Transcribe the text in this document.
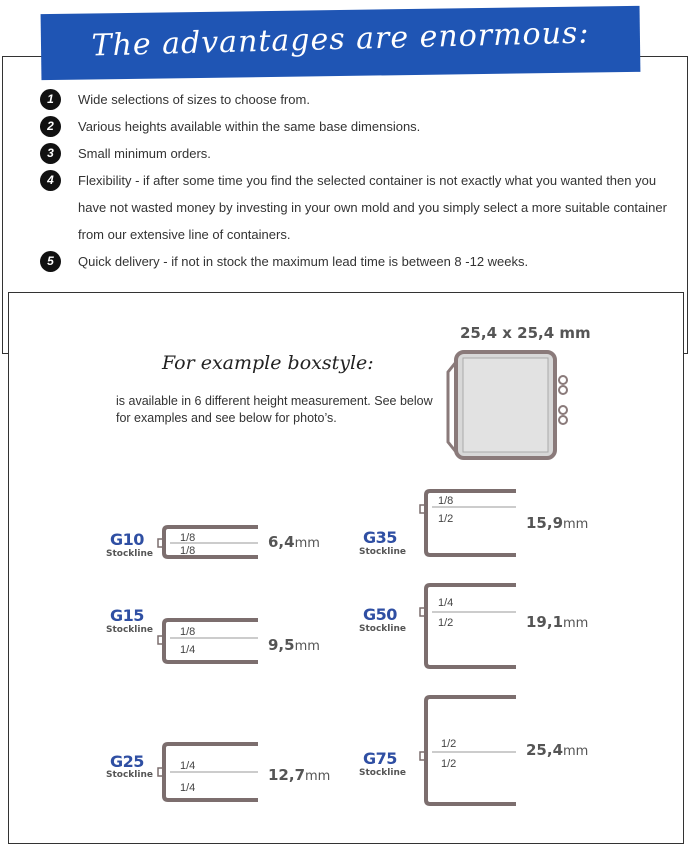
The advantages are enormous:
1	Wide selections of sizes to choose from.
2	Various heights available within the same base dimensions.
3	Small minimum orders.
4	Flexibility - if after some time you find the selected container is not exactly what you wanted then you have not wasted money by investing in your own mold and you simply select a more suitable container from our extensive line of containers.
5	Quick delivery - if not in stock the maximum lead time is between 8 -12 weeks.
For example boxstyle:
is available in 6 different height measurement. See below for examples and see below for photo’s.
25,4 x 25,4 mm
G10
Stockline
1/8
1/8	6,4mm
G15
Stockline 1/8
1/4	9,5mm
G25
Stockline
1/4
1/4
12,7mm
G35
Stockline
1/8
1/2	15,9mm
G50
Stockline
1/4
1/2	19,1mm
G75
Stockline
1/2
1/2
25,4mm
